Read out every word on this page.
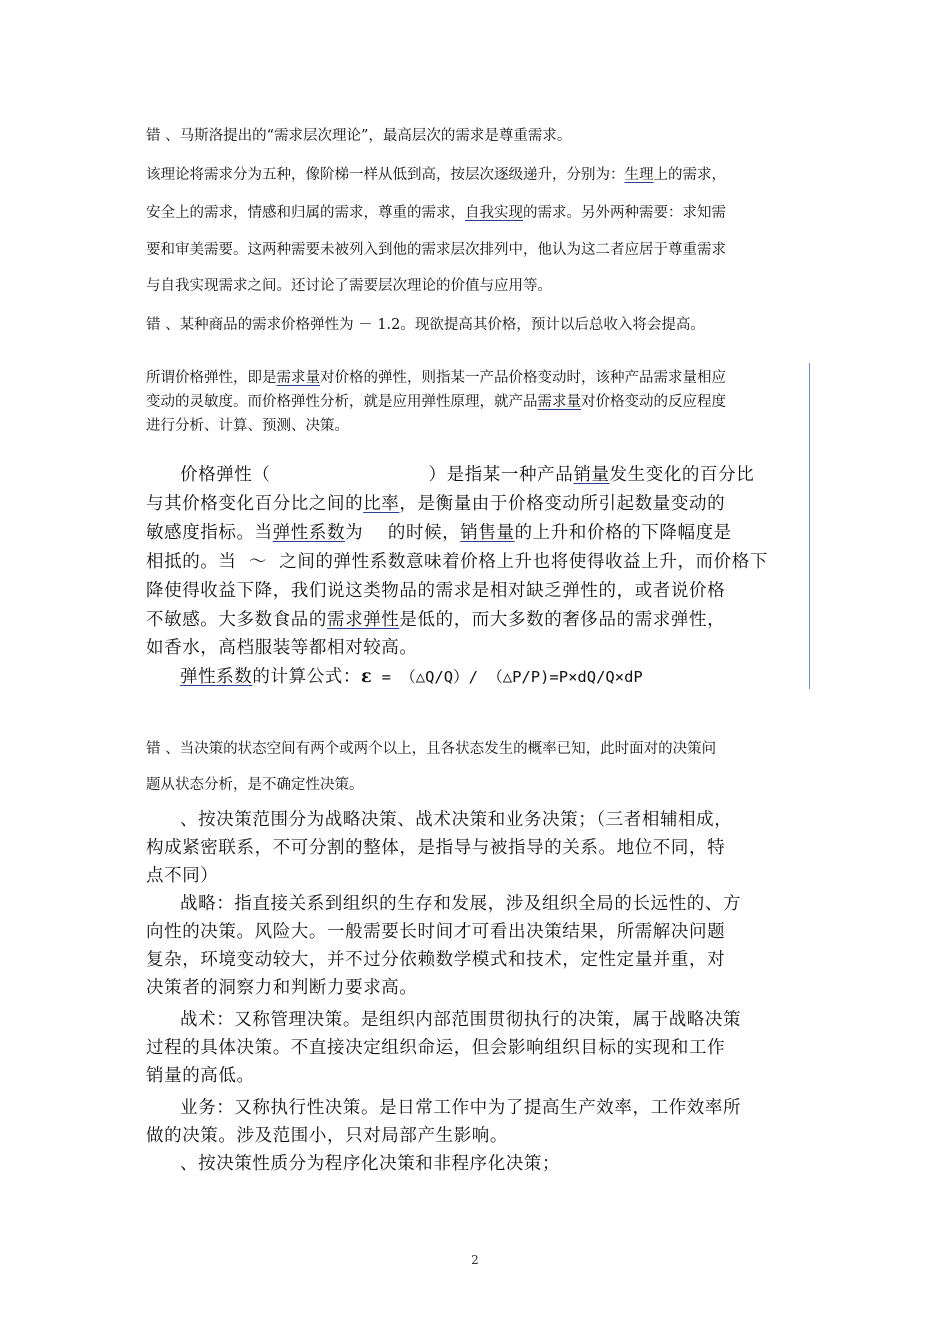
错 、马斯洛提出的“需求层次理论”，最高层次的需求是尊重需求。
该理论将需求分为五种，像阶梯一样从低到高，按层次逐级递升，分别为：生理上的需求，
安全上的需求，情感和归属的需求，尊重的需求，自我实现的需求。另外两种需要：求知需
要和审美需要。这两种需要未被列入到他的需求层次排列中，他认为这二者应居于尊重需求
与自我实现需求之间。还讨论了需要层次理论的价值与应用等。
错 、某种商品的需求价格弹性为 － 1.2。现欲提高其价格，预计以后总收入将会提高。
所谓价格弹性，即是需求量对价格的弹性，则指某一产品价格变动时，该种产品需求量相应
变动的灵敏度。而价格弹性分析，就是应用弹性原理，就产品需求量对价格变动的反应程度
进行分析、计算、预测、决策。
价格弹性（	）是指某一种产品销量发生变化的百分比
与其价格变化百分比之间的比率，是衡量由于价格变动所引起数量变动的
敏感度指标。当弹性系数为    的时候，销售量的上升和价格的下降幅度是
相抵的。当  ～  之间的弹性系数意味着价格上升也将使得收益上升，而价格下
降使得收益下降，我们说这类物品的需求是相对缺乏弹性的，或者说价格
不敏感。大多数食品的需求弹性是低的，而大多数的奢侈品的需求弹性，
如香水，高档服装等都相对较高。
弹性系数的计算公式：ε = （△Q/Q）/ （△P/P)=P×dQ/Q×dP
错 、当决策的状态空间有两个或两个以上，且各状态发生的概率已知，此时面对的决策问
题从状态分析，是不确定性决策。
、按决策范围分为战略决策、战术决策和业务决策；（三者相辅相成，
构成紧密联系，不可分割的整体，是指导与被指导的关系。地位不同，特
点不同）
战略：指直接关系到组织的生存和发展，涉及组织全局的长远性的、方
向性的决策。风险大。一般需要长时间才可看出决策结果，所需解决问题
复杂，环境变动较大，并不过分依赖数学模式和技术，定性定量并重，对
决策者的洞察力和判断力要求高。
战术：又称管理决策。是组织内部范围贯彻执行的决策，属于战略决策
过程的具体决策。不直接决定组织命运，但会影响组织目标的实现和工作
销量的高低。
业务：又称执行性决策。是日常工作中为了提高生产效率，工作效率所
做的决策。涉及范围小，只对局部产生影响。
、按决策性质分为程序化决策和非程序化决策；
2
